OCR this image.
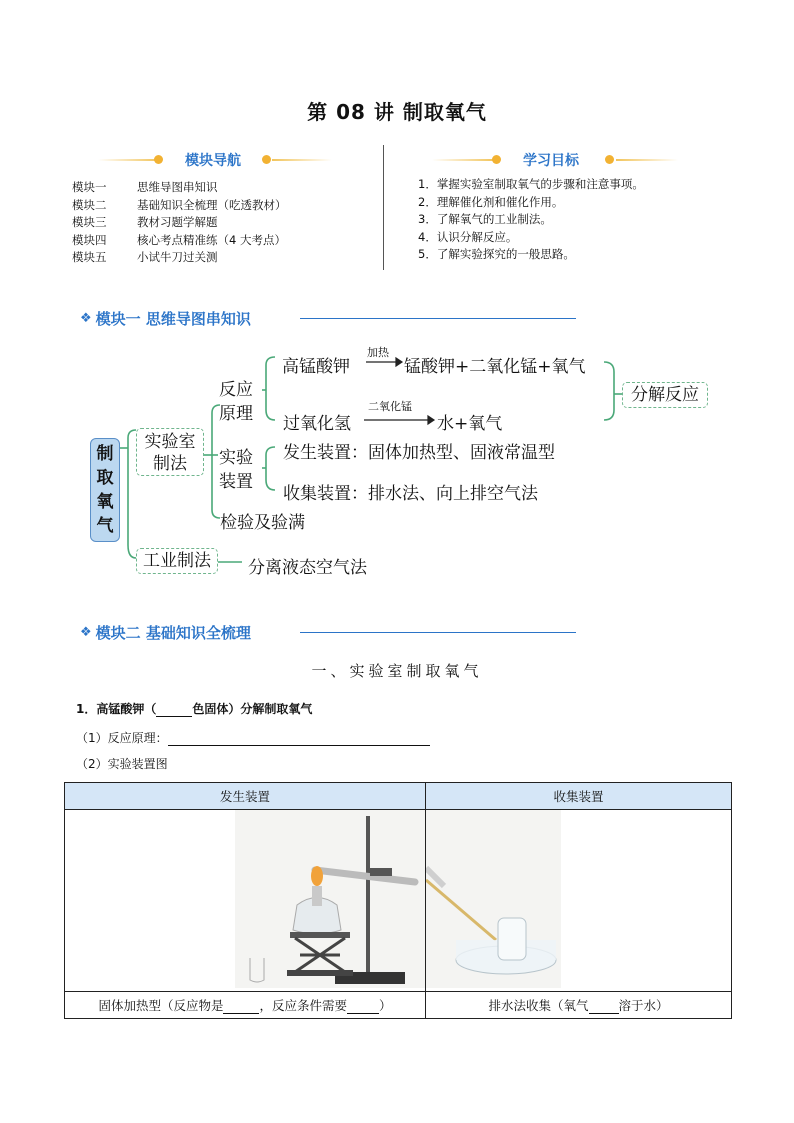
第 08 讲 制取氧气
模块导航
模块一	思维导图串知识
模块二	基础知识全梳理（吃透教材）
模块三	教材习题学解题
模块四	核心考点精准练（4 大考点）
模块五	小试牛刀过关测
学习目标
1．掌握实验室制取氧气的步骤和注意事项。
2．理解催化剂和催化作用。
3．了解氧气的工业制法。
4．认识分解反应。
5．了解实验探究的一般思路。
❖ 模块一 思维导图串知识
制取氧气
实验室
制法
反应
原理
高锰酸钾
加热
锰酸钾+二氧化锰+氧气
过氧化氢
二氧化锰
水+氧气
分解反应
实验
装置
发生装置：固体加热型、固液常温型
收集装置：排水法、向上排空气法
检验及验满
工业制法	分离液态空气法
❖ 模块二 基础知识全梳理
一、实验室制取氧气
1．高锰酸钾（	色固体）分解制取氧气
（1）反应原理：
（2）实验装置图
发生装置	收集装置

固体加热型（反应物是 ，反应条件需要 ）	排水法收集（氧气 溶于水）
